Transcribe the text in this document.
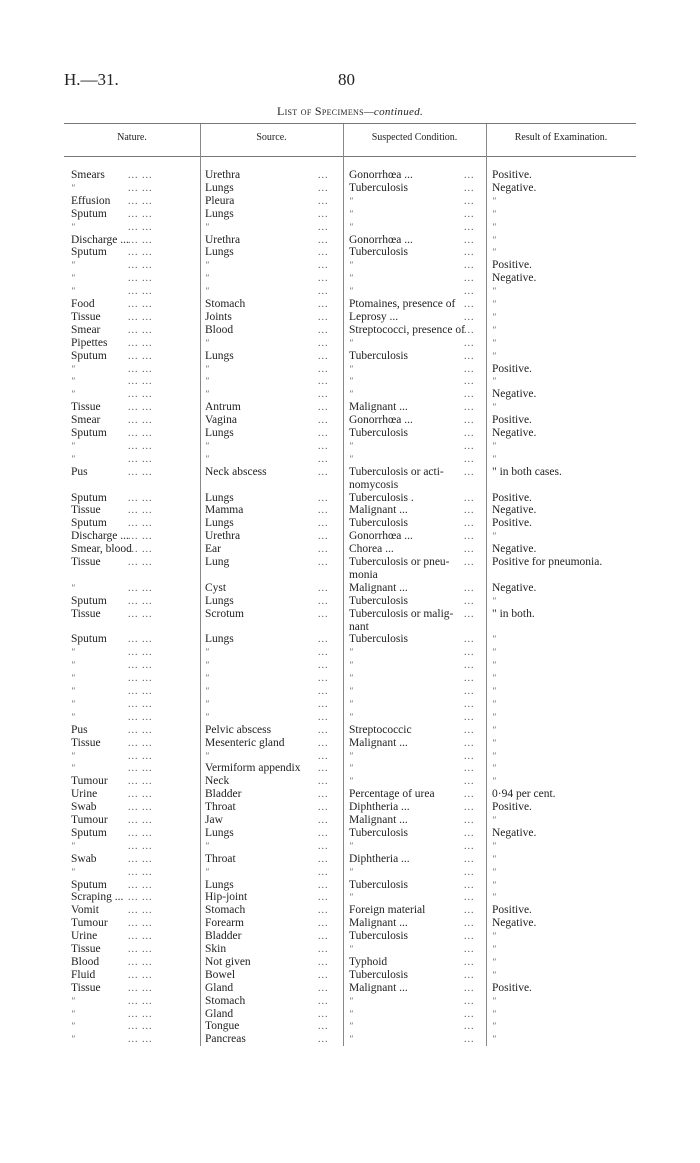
H.—31.	80
List of Specimens—continued.
Nature.	Source.	Suspected Condition.	Result of Examination.
Smears	Urethra	Gonorrhœa ...	Positive.
... ...	...	...
"	Lungs	Tuberculosis	Negative.
... ...	...	...
Effusion	Pleura	"	"
... ...	...	...
Sputum	Lungs	"	"
... ...	...	...
"	"	"	"
... ...	...	...
Discharge ...	Urethra	Gonorrhœa ...	"
... ...	...	...
Sputum	Lungs	Tuberculosis	"
... ...	...	...
"	"	"	Positive.
... ...	...	...
"	"	"	Negative.
... ...	...	...
"	"	"	"
... ...	...	...
Food	Stomach	Ptomaines, presence of	"
... ...	...	...
Tissue	Joints	Leprosy ...	"
... ...	...	...
Smear	Blood	Streptococci, presence of	"
... ...	...	...
Pipettes	"	"	"
... ...	...	...
Sputum	Lungs	Tuberculosis	"
... ...	...	...
"	"	"	Positive.
... ...	...	...
"	"	"	"
... ...	...	...
"	"	"	Negative.
... ...	...	...
Tissue	Antrum	Malignant ...	"
... ...	...	...
Smear	Vagina	Gonorrhœa ...	Positive.
... ...	...	...
Sputum	Lungs	Tuberculosis	Negative.
... ...	...	...
"	"	"	"
... ...	...	...
"	"	"	"
... ...	...	...
Pus	Neck abscess	Tuberculosis or acti-	" in both cases.
... ...	...	...
nomycosis
Sputum	Lungs	Tuberculosis .	Positive.
... ...	...	...
Tissue	Mamma	Malignant ...	Negative.
... ...	...	...
Sputum	Lungs	Tuberculosis	Positive.
... ...	...	...
Discharge ...	Urethra	Gonorrhœa ...	"
... ...	...	...
Smear, blood	Ear	Chorea ...	Negative.
... ...	...	...
Tissue	Lung	Tuberculosis or pneu-	Positive for pneumonia.
... ...	...	...
monia
"	Cyst	Malignant ...	Negative.
... ...	...	...
Sputum	Lungs	Tuberculosis	"
... ...	...	...
Tissue	Scrotum	Tuberculosis or malig-	" in both.
... ...	...	...
nant
Sputum	Lungs	Tuberculosis	"
... ...	...	...
"	"	"	"
... ...	...	...
"	"	"	"
... ...	...	...
"	"	"	"
... ...	...	...
"	"	"	"
... ...	...	...
"	"	"	"
... ...	...	...
"	"	"	"
... ...	...	...
Pus	Pelvic abscess	Streptococcic	"
... ...	...	...
Tissue	Mesenteric gland	Malignant ...	"
... ...	...	...
"	"	"	"
... ...	...	...
"	Vermiform appendix	"	"
... ...	...	...
Tumour	Neck	"	"
... ...	...	...
Urine	Bladder	Percentage of urea	0·94 per cent.
... ...	...	...
Swab	Throat	Diphtheria ...	Positive.
... ...	...	...
Tumour	Jaw	Malignant ...	"
... ...	...	...
Sputum	Lungs	Tuberculosis	Negative.
... ...	...	...
"	"	"	"
... ...	...	...
Swab	Throat	Diphtheria ...	"
... ...	...	...
"	"	"	"
... ...	...	...
Sputum	Lungs	Tuberculosis	"
... ...	...	...
Scraping ...	Hip-joint	"	"
... ...	...	...
Vomit	Stomach	Foreign material	Positive.
... ...	...	...
Tumour	Forearm	Malignant ...	Negative.
... ...	...	...
Urine	Bladder	Tuberculosis	"
... ...	...	...
Tissue	Skin	"	"
... ...	...	...
Blood	Not given	Typhoid	"
... ...	...	...
Fluid	Bowel	Tuberculosis	"
... ...	...	...
Tissue	Gland	Malignant ...	Positive.
... ...	...	...
"	Stomach	"	"
... ...	...	...
"	Gland	"	"
... ...	...	...
"	Tongue	"	"
... ...	...	...
"	Pancreas	"	"
... ...	...	...
